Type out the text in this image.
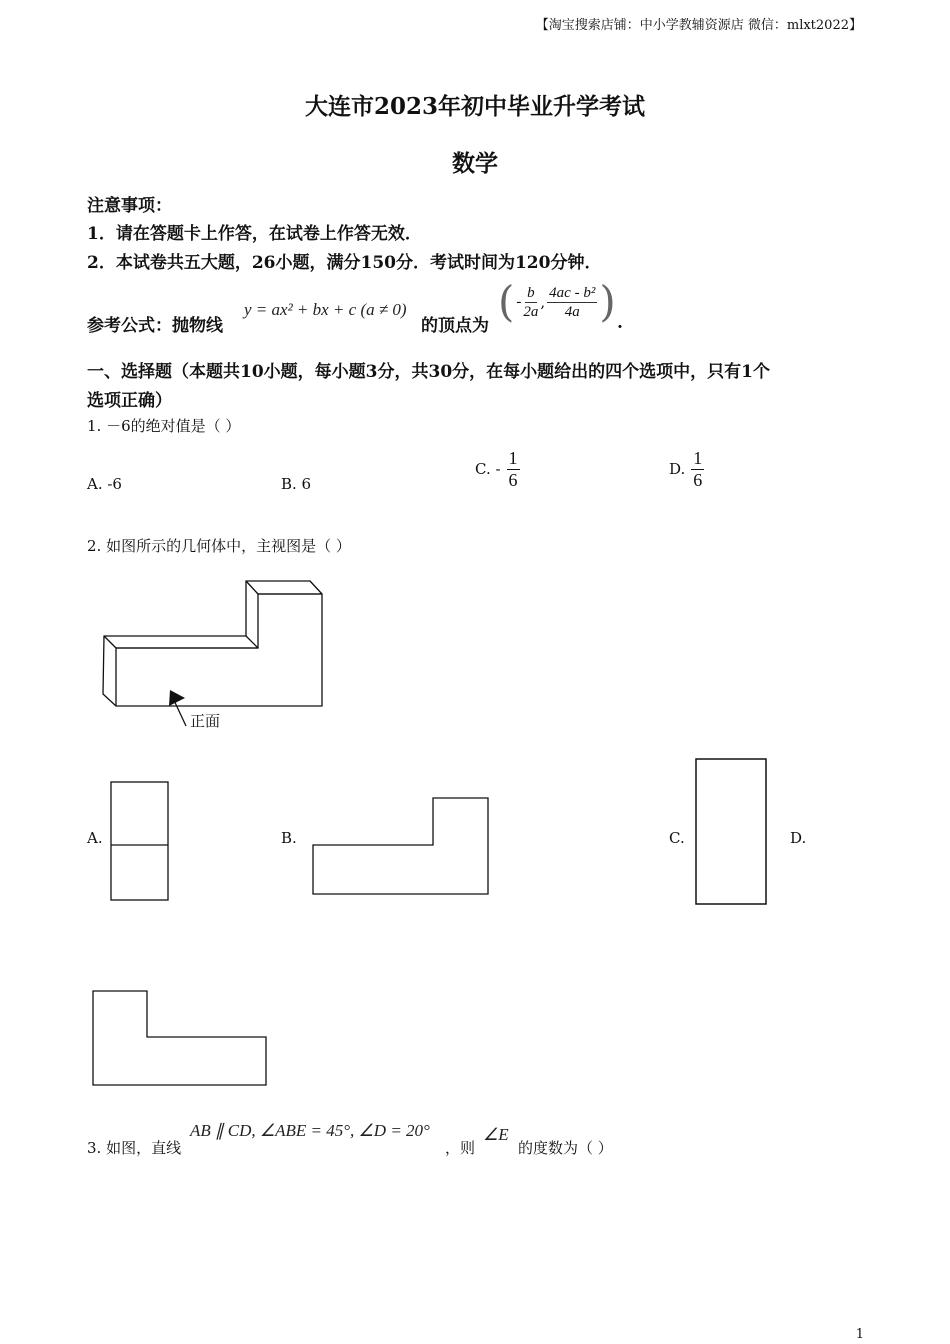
【淘宝搜索店铺：中小学教辅资源店 微信：mlxt2022】
大连市2023年初中毕业升学考试
数学
注意事项：
1．请在答题卡上作答，在试卷上作答无效．
2．本试卷共五大题，26小题，满分150分．考试时间为120分钟．
参考公式：抛物线
y = ax² + bx + c (a ≠ 0)
的顶点为 ( - $\frac{b}{2a}$ , $\frac{\text{4ac - b²}}{4a}$ ) .
一、选择题（本题共10小题，每小题3分，共30分，在每小题给出的四个选项中，只有1个
选项正确）
1. －6的绝对值是（ ）
A. -6	B. 6
C. - $\frac{1}{6}$	D. $\frac{1}{6}$
2. 如图所示的几何体中，主视图是（ ）
正面
A.	B.	C.	D.
3. 如图，直线
AB ∥ CD, ∠ABE = 45°, ∠D = 20°
，则
∠E
的度数为（ ）
1
